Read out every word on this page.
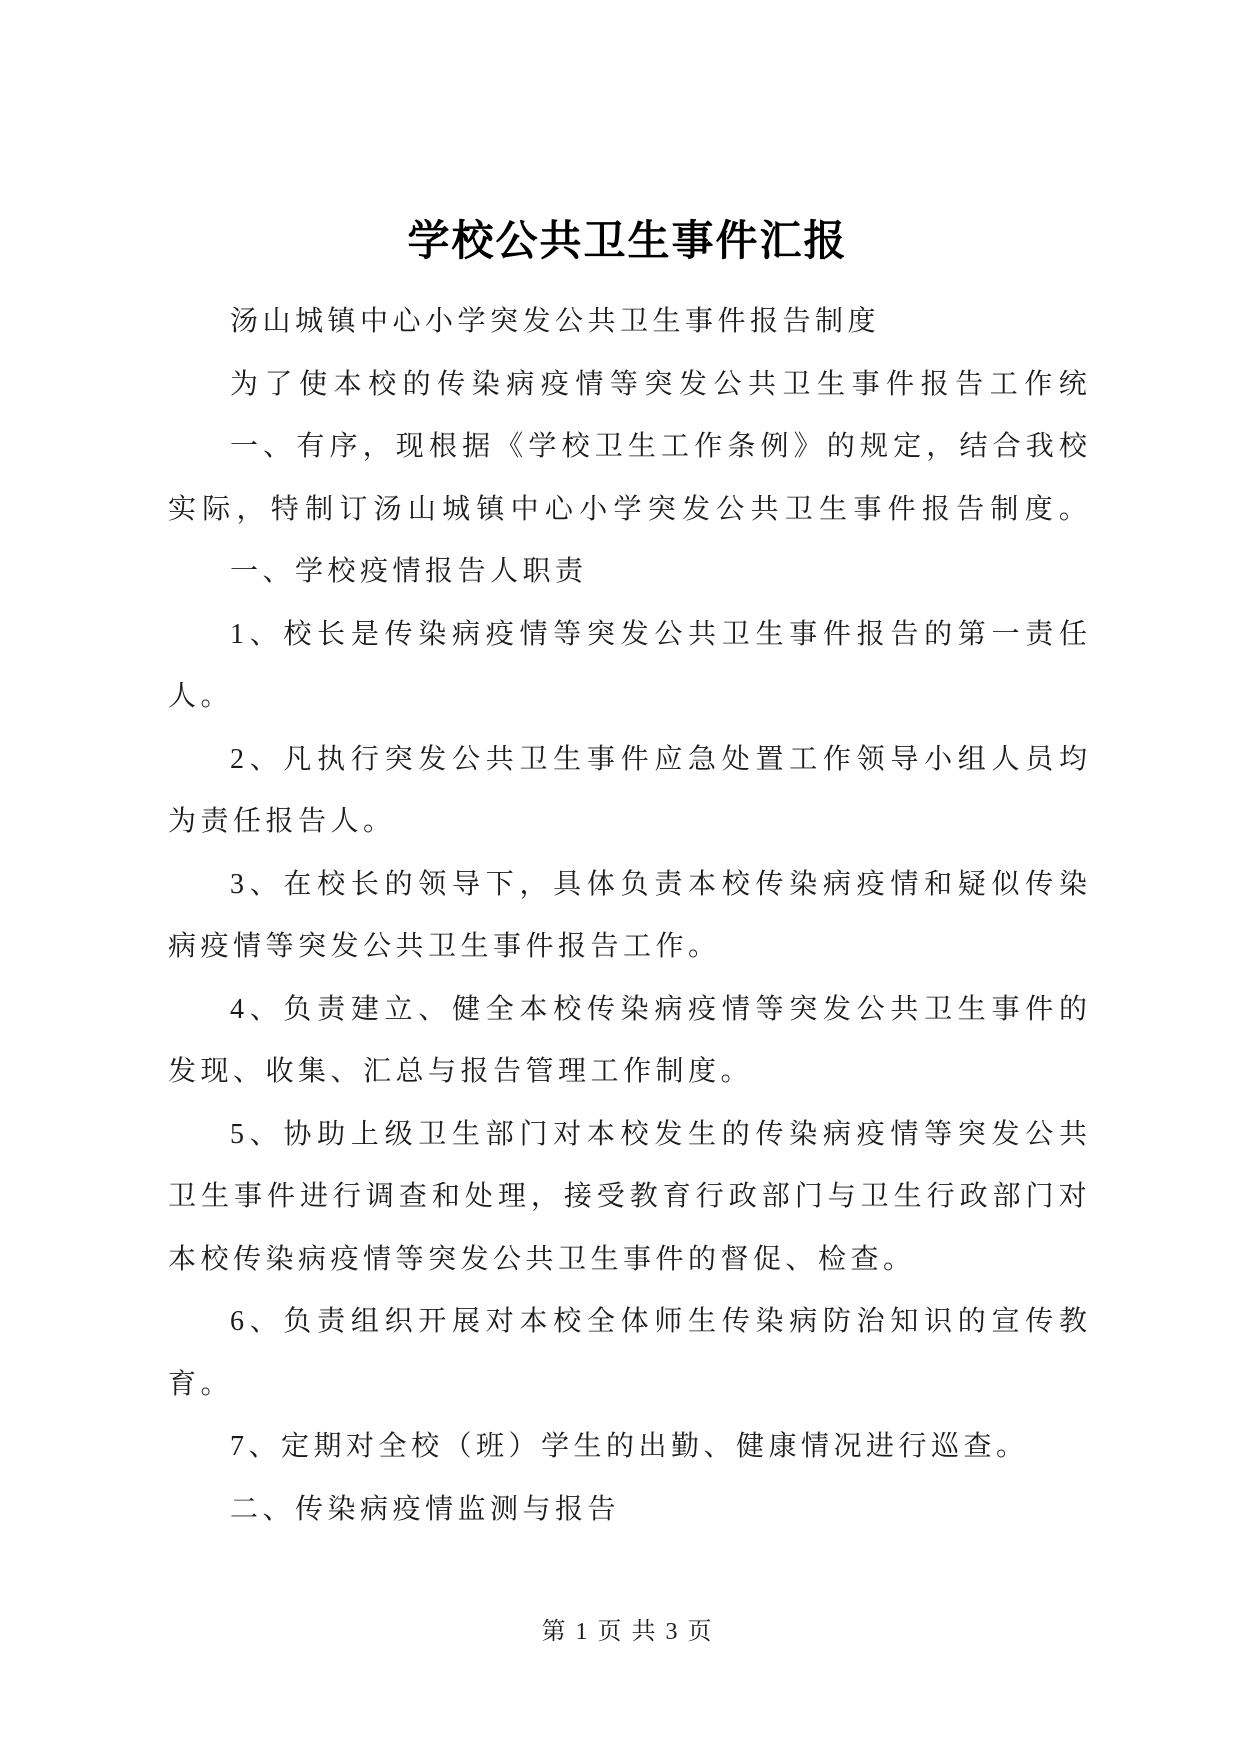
学校公共卫生事件汇报
汤山城镇中心小学突发公共卫生事件报告制度
为 了 使 本 校 的 传 染 病 疫 情 等 突 发 公 共 卫 生 事 件 报 告 工 作 统
一 、 有 序 ， 现 根 据 《 学 校 卫 生 工 作 条 例 》 的 规 定 ， 结 合 我 校
实 际 ， 特 制 订 汤 山 城 镇 中 心 小 学 突 发 公 共 卫 生 事 件 报 告 制 度 。
一、学校疫情报告人职责
1 、 校 长 是 传 染 病 疫 情 等 突 发 公 共 卫 生 事 件 报 告 的 第 一 责 任
人。
2 、 凡 执 行 突 发 公 共 卫 生 事 件 应 急 处 置 工 作 领 导 小 组 人 员 均
为责任报告人。
3 、 在 校 长 的 领 导 下 ， 具 体 负 责 本 校 传 染 病 疫 情 和 疑 似 传 染
病疫情等突发公共卫生事件报告工作。
4 、 负 责 建 立 、 健 全 本 校 传 染 病 疫 情 等 突 发 公 共 卫 生 事 件 的
发现、收集、汇总与报告管理工作制度。
5 、 协 助 上 级 卫 生 部 门 对 本 校 发 生 的 传 染 病 疫 情 等 突 发 公 共
卫 生 事 件 进 行 调 查 和 处 理 ， 接 受 教 育 行 政 部 门 与 卫 生 行 政 部 门 对
本校传染病疫情等突发公共卫生事件的督促、检查。
6 、 负 责 组 织 开 展 对 本 校 全 体 师 生 传 染 病 防 治 知 识 的 宣 传 教
育。
7、定期对全校（班）学生的出勤、健康情况进行巡查。
二、传染病疫情监测与报告
第 1 页 共 3 页
